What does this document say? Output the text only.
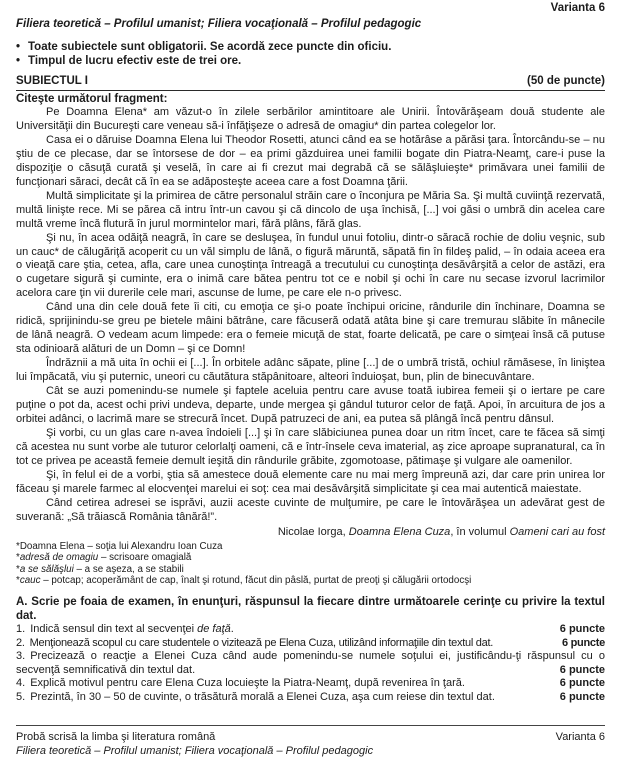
Varianta 6
Filiera teoretică – Profilul umanist; Filiera vocaţională – Profilul pedagogic
• Toate subiectele sunt obligatorii. Se acordă zece puncte din oficiu.
• Timpul de lucru efectiv este de trei ore.
SUBIECTUL I	(50 de puncte)
Citeşte următorul fragment:

Pe Doamna Elena* am văzut-o în zilele serbărilor amintitoare ale Unirii. Întovărăşeam două studente ale Universităţii din Bucureşti care veneau să-i înfăţişeze o adresă de omagiu* din partea colegelor lor.

Casa ei o dăruise Doamna Elena lui Theodor Rosetti, atunci când ea se hotărâse a părăsi ţara. Întorcându-se – nu ştiu de ce plecase, dar se întorsese de dor – ea primi găzduirea unei familii bogate din Piatra-Neamţ, care-i puse la dispoziţie o căsuţă curată şi veselă, în care ai fi crezut mai degrabă că se sălăşluieşte* primăvara unei familii de funcţionari săraci, decât că în ea se adăposteşte aceea care a fost Doamna ţării.

Multă simplicitate şi la primirea de către personalul străin care o înconjura pe Măria Sa. Şi multă cuviinţă rezervată, multă linişte rece. Mi se părea că intru într-un cavou şi că dincolo de uşa închisă, [...] voi găsi o umbră din acelea care multă vreme încă flutură în jurul mormintelor mari, fără plâns, fără glas.

Şi nu, în acea odăiţă neagră, în care se desluşea, în fundul unui fotoliu, dintr-o săracă rochie de doliu veşnic, sub un cauc* de călugăriţă acoperit cu un văl simplu de lână, o figură măruntă, săpată fin în fildeş palid, – în odaia aceea era o vieaţă care ştia, cetea, afla, care unea cunoştinţa întreagă a trecutului cu cunoştinţa desăvârşită a celor de astăzi, era o cugetare sigură şi cuminte, era o inimă care bătea pentru tot ce e nobil şi ochi în care nu secase izvorul lacrimilor acelora care ţin vii durerile cele mari, ascunse de lume, pe care ele n-o privesc.

Când una din cele două fete îi citi, cu emoţia ce şi-o poate închipui oricine, rândurile din închinare, Doamna se ridică, sprijinindu-se greu pe bietele mâini bătrâne, care făcuseră odată atâta bine şi care tremurau slăbite în mânecile de lână neagră. O vedeam acum limpede: era o femeie micuţă de stat, foarte delicată, pe care o simţeai însă că putuse sta odinioară alături de un Domn – şi ce Domn!

Îndrăznii a mă uita în ochii ei [...]. În orbitele adânc săpate, pline [...] de o umbră tristă, ochiul rămăsese, în liniştea lui împăcată, viu şi puternic, uneori cu căutătura stăpânitoare, alteori înduioşat, bun, plin de binecuvântare.

Cât se auzi pomenindu-se numele şi faptele aceluia pentru care avuse toată iubirea femeii şi o iertare pe care puţine o pot da, acest ochi privi undeva, departe, unde mergea şi gândul tuturor celor de faţă. Apoi, în arcuitura de jos a orbitei adânci, o lacrimă mare se strecură încet. După patruzeci de ani, ea putea să plângă încă pentru dânsul.

Şi vorbi, cu un glas care n-avea îndoieli [...] şi în care slăbiciunea punea doar un ritm încet, care te făcea să simţi că acestea nu sunt vorbe ale tuturor celorlalţi oameni, că e într-însele ceva imaterial, aş zice aproape supranatural, ca în tot ce privea pe această femeie demult ieşită din rândurile grăbite, zgomotoase, pătimaşe şi vulgare ale oamenilor.

Şi, în felul ei de a vorbi, ştia să amestece două elemente care nu mai merg împreună azi, dar care prin unirea lor făceau şi marele farmec al elocvenţei marelui ei soţ: cea mai desăvârşită simplicitate şi cea mai autentică maiestate.

Când cetirea adresei se isprăvi, auzii aceste cuvinte de mulţumire, pe care le întovărăşea un adevărat gest de suverană: „Să trăiască România tânără!”.

Nicolae Iorga, Doamna Elena Cuza, în volumul Oameni cari au fost
*Doamna Elena – soţia lui Alexandru Ioan Cuza
*adresă de omagiu – scrisoare omagială
*a se sălăşlui – a se aşeza, a se stabili
*cauc – potcap; acoperământ de cap, înalt şi rotund, făcut din pâslă, purtat de preoţi şi călugării ortodocşi
A. Scrie pe foaia de examen, în enunţuri, răspunsul la fiecare dintre următoarele cerinţe cu privire la textul dat.
1. Indică sensul din text al secvenţei de faţă.	6 puncte
2. Menţionează scopul cu care studentele o vizitează pe Elena Cuza, utilizând informaţiile din textul dat.	6 puncte
3. Precizează o reacţie a Elenei Cuza când aude pomenindu-se numele soţului ei, justificându-ţi răspunsul cu o secvenţă semnificativă din textul dat.	6 puncte
4. Explică motivul pentru care Elena Cuza locuieşte la Piatra-Neamţ, după revenirea în ţară.	6 puncte
5. Prezintă, în 30 – 50 de cuvinte, o trăsătură morală a Elenei Cuza, aşa cum reiese din textul dat.	6 puncte
Probă scrisă la limba şi literatura română	Varianta 6
Filiera teoretică – Profilul umanist; Filiera vocaţională – Profilul pedagogic
